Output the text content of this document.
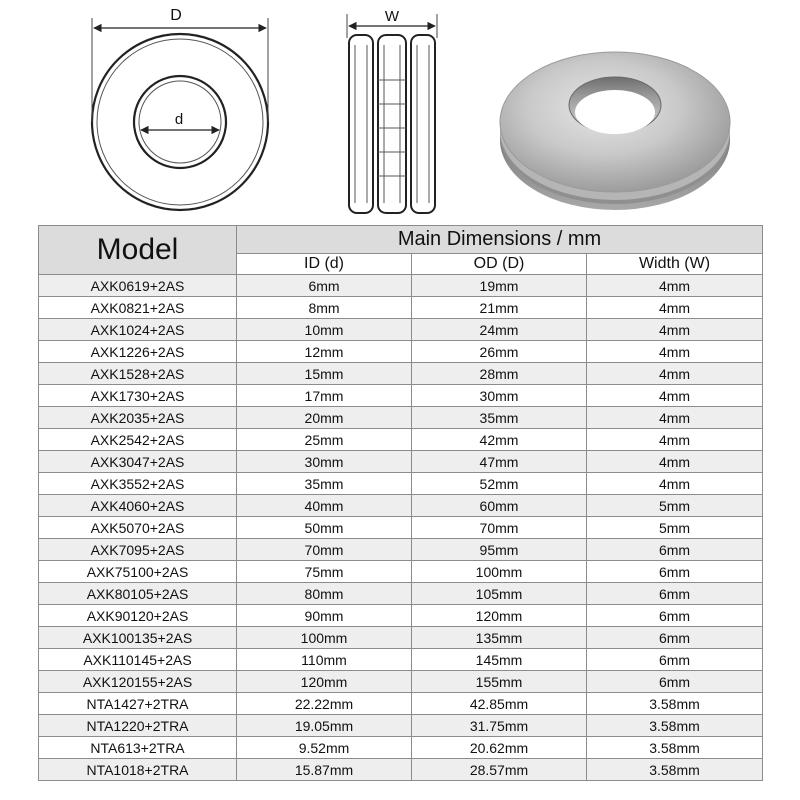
D
d
W
Model	Main Dimensions / mm		
	ID (d)	OD (D)	Width (W)
AXK0619+2AS	6mm	19mm	4mm
AXK0821+2AS	8mm	21mm	4mm
AXK1024+2AS	10mm	24mm	4mm
AXK1226+2AS	12mm	26mm	4mm
AXK1528+2AS	15mm	28mm	4mm
AXK1730+2AS	17mm	30mm	4mm
AXK2035+2AS	20mm	35mm	4mm
AXK2542+2AS	25mm	42mm	4mm
AXK3047+2AS	30mm	47mm	4mm
AXK3552+2AS	35mm	52mm	4mm
AXK4060+2AS	40mm	60mm	5mm
AXK5070+2AS	50mm	70mm	5mm
AXK7095+2AS	70mm	95mm	6mm
AXK75100+2AS	75mm	100mm	6mm
AXK80105+2AS	80mm	105mm	6mm
AXK90120+2AS	90mm	120mm	6mm
AXK100135+2AS	100mm	135mm	6mm
AXK110145+2AS	110mm	145mm	6mm
AXK120155+2AS	120mm	155mm	6mm
NTA1427+2TRA	22.22mm	42.85mm	3.58mm
NTA1220+2TRA	19.05mm	31.75mm	3.58mm
NTA613+2TRA	9.52mm	20.62mm	3.58mm
NTA1018+2TRA	15.87mm	28.57mm	3.58mm
